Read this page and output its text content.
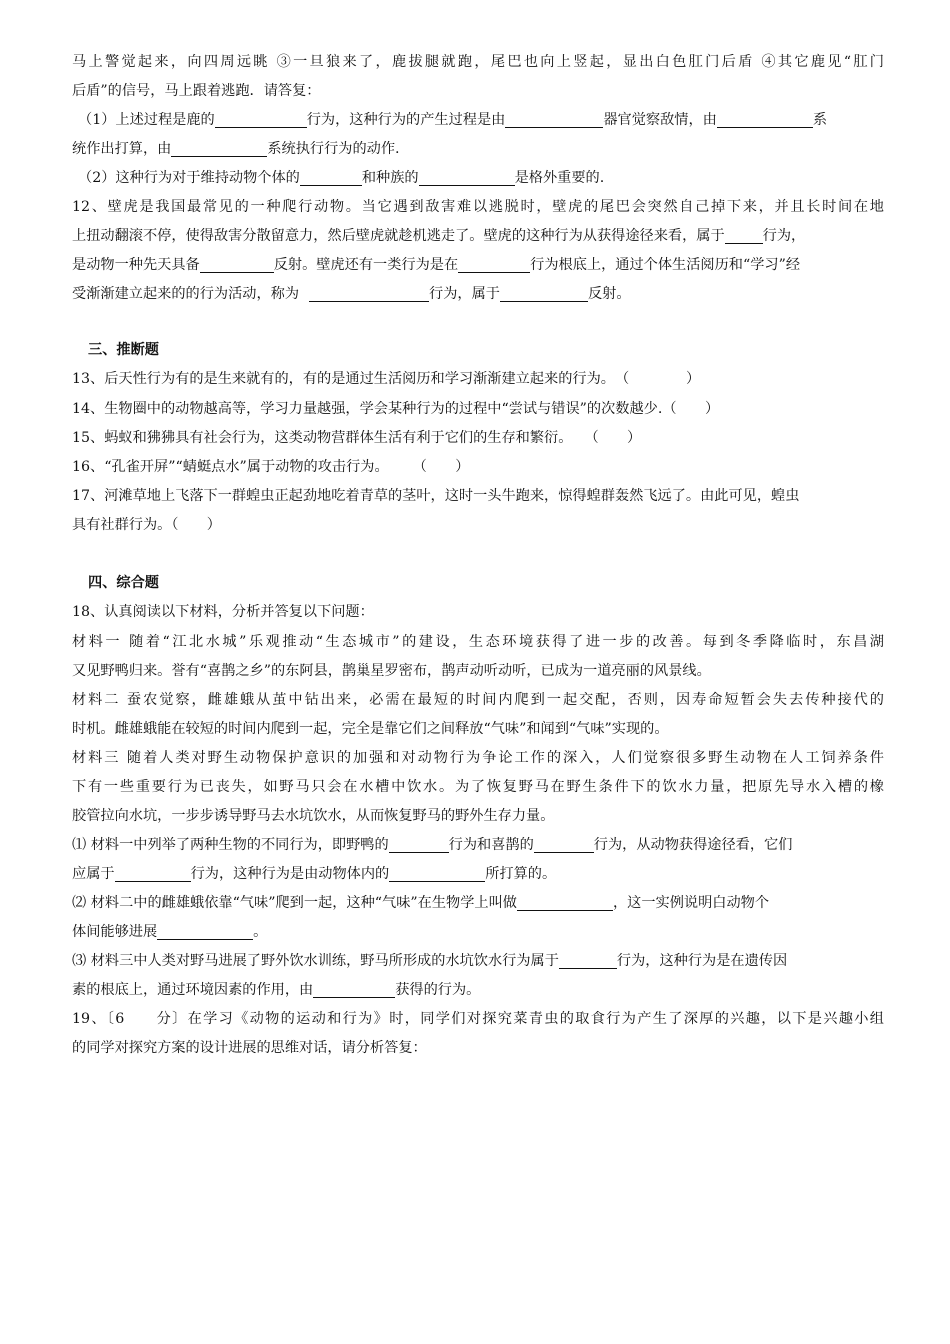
马上警觉起来，向四周远眺 ③一旦狼来了，鹿拔腿就跑，尾巴也向上竖起，显出白色肛门后盾 ④其它鹿见“肛门
后盾”的信号，马上跟着逃跑．请答复：
（1）上述过程是鹿的	行为，这种行为的产生过程是由	器官觉察敌情，由	系
统作出打算，由	系统执行行为的动作.
（2）这种行为对于维持动物个体的	和种族的	是格外重要的.
12、壁虎是我国最常见的一种爬行动物。当它遇到敌害难以逃脱时，壁虎的尾巴会突然自己掉下来，并且长时间在地
上扭动翻滚不停，使得敌害分散留意力，然后壁虎就趁机逃走了。壁虎的这种行为从获得途径来看，属于	行为，
是动物一种先天具备	反射。壁虎还有一类行为是在	行为根底上，通过个体生活阅历和“学习”经
受渐渐建立起来的的行为活动，称为	行为，属于	反射。
三、推断题
13、后天性行为有的是生来就有的，有的是通过生活阅历和学习渐渐建立起来的行为。（　　　　）
14、生物圈中的动物越高等，学习力量越强，学会某种行为的过程中“尝试与错误”的次数越少.（　　）
15、蚂蚁和狒狒具有社会行为，这类动物营群体生活有利于它们的生存和繁衍。 （　　）
16、“孔雀开屏”“蜻蜓点水”属于动物的攻击行为。 （　　）
17、河滩草地上飞落下一群蝗虫正起劲地吃着青草的茎叶，这时一头牛跑来，惊得蝗群轰然飞远了。由此可见，蝗虫
具有社群行为。（　　）
四、综合题
18、认真阅读以下材料，分析并答复以下问题：
材料一 随着“江北水城”乐观推动“生态城市”的建设，生态环境获得了进一步的改善。每到冬季降临时，东昌湖
又见野鸭归来。誉有“喜鹊之乡”的东阿县，鹊巢星罗密布，鹊声动听动听，已成为一道亮丽的风景线。
材料二 蚕农觉察，雌雄蛾从茧中钻出来，必需在最短的时间内爬到一起交配，否则，因寿命短暂会失去传种接代的
时机。雌雄蛾能在较短的时间内爬到一起，完全是靠它们之间释放“气味”和闻到“气味”实现的。
材料三 随着人类对野生动物保护意识的加强和对动物行为争论工作的深入，人们觉察很多野生动物在人工饲养条件
下有一些重要行为已丧失，如野马只会在水槽中饮水。为了恢复野马在野生条件下的饮水力量，把原先导水入槽的橡
胶管拉向水坑，一步步诱导野马去水坑饮水，从而恢复野马的野外生存力量。
⑴ 材料一中列举了两种生物的不同行为，即野鸭的	行为和喜鹊的	行为，从动物获得途径看，它们
应属于	行为，这种行为是由动物体内的	所打算的。
⑵ 材料二中的雌雄蛾依靠“气味”爬到一起，这种“气味”在生物学上叫做	，这一实例说明白动物个
体间能够进展	。
⑶ 材料三中人类对野马进展了野外饮水训练，野马所形成的水坑饮水行为属于	行为，这种行为是在遗传因
素的根底上，通过环境因素的作用，由	获得的行为。
19、〔6　　分〕在学习《动物的运动和行为》时，同学们对探究菜青虫的取食行为产生了深厚的兴趣，以下是兴趣小组
的同学对探究方案的设计进展的思维对话，请分析答复：
